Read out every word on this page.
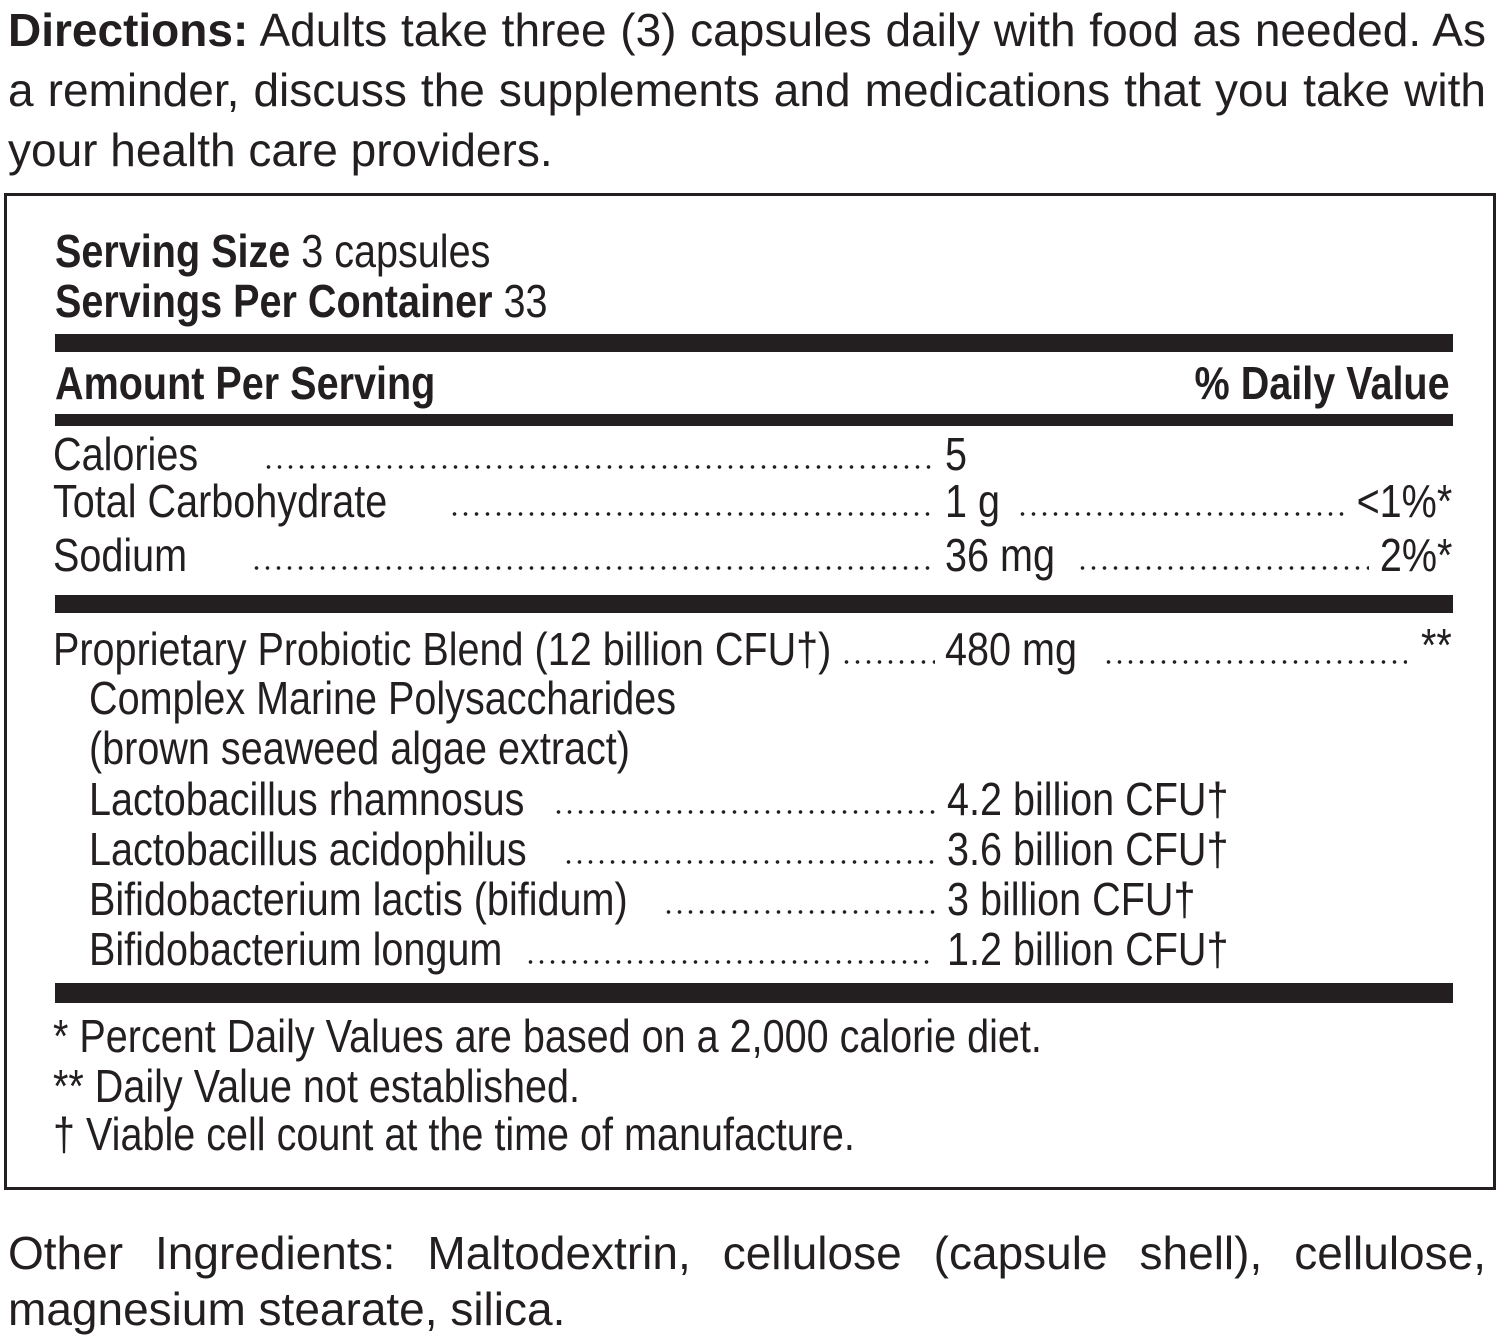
Directions: Adults take three (3) capsules daily with food as needed. As a reminder, discuss the supplements and medications that you take with your health care providers.
Serving Size 3 capsules
Servings Per Container 33
Amount Per Serving	% Daily Value
Calories	5
Total Carbohydrate	1 g	<1%*
Sodium	36 mg	2%*
Proprietary Probiotic Blend (12 billion CFU†) 480 mg	**
Complex Marine Polysaccharides
(brown seaweed algae extract)
Lactobacillus rhamnosus	4.2 billion CFU†
Lactobacillus acidophilus	3.6 billion CFU†
Bifidobacterium lactis (bifidum)	3 billion CFU†
Bifidobacterium longum	1.2 billion CFU†
* Percent Daily Values are based on a 2,000 calorie diet.
** Daily Value not established.
† Viable cell count at the time of manufacture.
Other Ingredients: Maltodextrin, cellulose (capsule shell), cellulose, magnesium stearate, silica.
